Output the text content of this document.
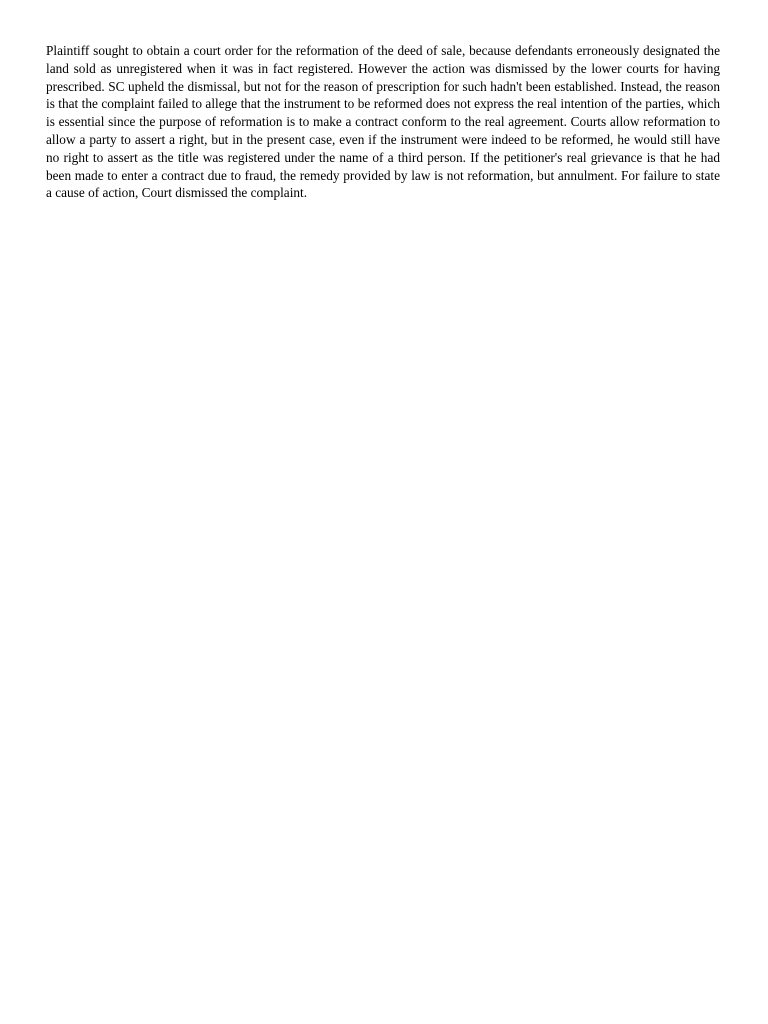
Plaintiff sought to obtain a court order for the reformation of the deed of sale, because defendants erroneously designated the land sold as unregistered when it was in fact registered. However the action was dismissed by the lower courts for having prescribed. SC upheld the dismissal, but not for the reason of prescription for such hadn't been established. Instead, the reason is that the complaint failed to allege that the instrument to be reformed does not express the real intention of the parties, which is essential since the purpose of reformation is to make a contract conform to the real agreement. Courts allow reformation to allow a party to assert a right, but in the present case, even if the instrument were indeed to be reformed, he would still have no right to assert as the title was registered under the name of a third person. If the petitioner's real grievance is that he had been made to enter a contract due to fraud, the remedy provided by law is not reformation, but annulment. For failure to state a cause of action, Court dismissed the complaint.
